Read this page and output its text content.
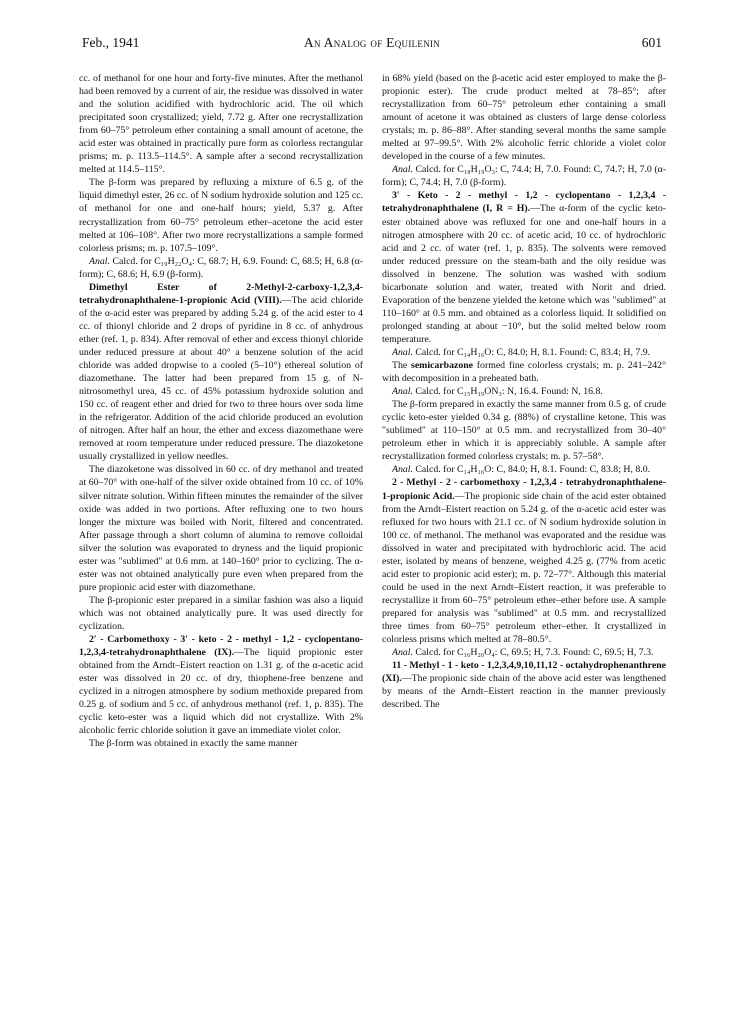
Feb., 1941	An Analog of Equilenin	601

cc. of methanol for one hour and forty-five minutes. After the methanol had been removed by a current of air, the residue was dissolved in water and the solution acidified with hydrochloric acid. The oil which precipitated soon crystallized; yield, 7.72 g. After one recrystallization from 60–75° petroleum ether containing a small amount of acetone, the acid ester was obtained in practically pure form as colorless rectangular prisms; m. p. 113.5–114.5°. A sample after a second recrystallization melted at 114.5–115°.

The β-form was prepared by refluxing a mixture of 6.5 g. of the liquid dimethyl ester, 26 cc. of N sodium hydroxide solution and 125 cc. of methanol for one and one-half hours; yield, 5.37 g. After recrystallization from 60–75° petroleum ether–acetone the acid ester melted at 106–108°. After two more recrystallizations a sample formed colorless prisms; m. p. 107.5–109°.

Anal. Calcd. for C₁₉H₂₂O₄: C, 68.7; H, 6.9. Found: C, 68.5; H, 6.8 (α-form); C, 68.6; H, 6.9 (β-form).

Dimethyl Ester of 2-Methyl-2-carboxy-1,2,3,4-tetrahydronaphthalene-1-propionic Acid (VIII).—The acid chloride of the α-acid ester was prepared by adding 5.24 g. of the acid ester to 4 cc. of thionyl chloride and 2 drops of pyridine in 8 cc. of anhydrous ether (ref. 1, p. 834). After removal of ether and excess thionyl chloride under reduced pressure at about 40° a benzene solution of the acid chloride was added dropwise to a cooled (5–10°) ethereal solution of diazomethane. The latter had been prepared from 15 g. of N-nitrosomethyl urea, 45 cc. of 45% potassium hydroxide solution and 150 cc. of reagent ether and dried for two to three hours over soda lime in the refrigerator. Addition of the acid chloride produced an evolution of nitrogen. After half an hour, the ether and excess diazomethane were removed at room temperature under reduced pressure. The diazoketone usually crystallized in yellow needles.

The diazoketone was dissolved in 60 cc. of dry methanol and treated at 60–70° with one-half of the silver oxide obtained from 10 cc. of 10% silver nitrate solution. Within fifteen minutes the remainder of the silver oxide was added in two portions. After refluxing one to two hours longer the mixture was boiled with Norit, filtered and concentrated. After passage through a short column of alumina to remove colloidal silver the solution was evaporated to dryness and the liquid propionic ester was "sublimed" at 0.6 mm. at 140–160° prior to cyclizing. The α-ester was not obtained analytically pure even when prepared from the pure propionic acid ester with diazomethane.

The β-propionic ester prepared in a similar fashion was also a liquid which was not obtained analytically pure. It was used directly for cyclization.

2′ - Carbomethoxy - 3′ - keto - 2 - methyl - 1,2 - cyclopentano-1,2,3,4-tetrahydronaphthalene (IX).—The liquid propionic ester obtained from the Arndt–Eistert reaction on 1.31 g. of the α-acetic acid ester was dissolved in 20 cc. of dry, thiophene-free benzene and cyclized in a nitrogen atmosphere by sodium methoxide prepared from 0.25 g. of sodium and 5 cc. of anhydrous methanol (ref. 1, p. 835). The cyclic keto-ester was a liquid which did not crystallize. With 2% alcoholic ferric chloride solution it gave an immediate violet color.

The β-form was obtained in exactly the same manner

in 68% yield (based on the β-acetic acid ester employed to make the β-propionic ester). The crude product melted at 78–85°; after recrystallization from 60–75° petroleum ether containing a small amount of acetone it was obtained as clusters of large dense colorless crystals; m. p. 86–88°. After standing several months the same sample melted at 97–99.5°. With 2% alcoholic ferric chloride a violet color developed in the course of a few minutes.

Anal. Calcd. for C₁₈H₁₉O₃: C, 74.4; H, 7.0. Found: C, 74.7; H, 7.0 (α-form); C, 74.4; H, 7.0 (β-form).

3′ - Keto - 2 - methyl - 1,2 - cyclopentano - 1,2,3,4 - tetrahydronaphthalene (I, R = H).—The α-form of the cyclic keto-ester obtained above was refluxed for one and one-half hours in a nitrogen atmosphere with 20 cc. of acetic acid, 10 cc. of hydrochloric acid and 2 cc. of water (ref. 1, p. 835). The solvents were removed under reduced pressure on the steam-bath and the oily residue was dissolved in benzene. The solution was washed with sodium bicarbonate solution and water, treated with Norit and dried. Evaporation of the benzene yielded the ketone which was "sublimed" at 110–160° at 0.5 mm. and obtained as a colorless liquid. It solidified on prolonged standing at about −10°, but the solid melted below room temperature.

Anal. Calcd. for C₁₄H₁₆O: C, 84.0; H, 8.1. Found: C, 83.4; H, 7.9.

The semicarbazone formed fine colorless crystals; m. p. 241–242° with decomposition in a preheated bath.

Anal. Calcd. for C₁₅H₁₉ON₃: N, 16.4. Found: N, 16.8.

The β-form prepared in exactly the same manner from 0.5 g. of crude cyclic keto-ester yielded 0.34 g. (88%) of crystalline ketone. This was "sublimed" at 110–150° at 0.5 mm. and recrystallized from 30–40° petroleum ether in which it is appreciably soluble. A sample after recrystallization formed colorless crystals; m. p. 57–58°.

Anal. Calcd. for C₁₄H₁₆O: C, 84.0; H, 8.1. Found: C, 83.8; H, 8.0.

2 - Methyl - 2 - carbomethoxy - 1,2,3,4 - tetrahydronaphthalene-1-propionic Acid.—The propionic side chain of the acid ester obtained from the Arndt–Eistert reaction on 5.24 g. of the α-acetic acid ester was refluxed for two hours with 21.1 cc. of N sodium hydroxide solution in 100 cc. of methanol. The methanol was evaporated and the residue was dissolved in water and precipitated with hydrochloric acid. The acid ester, isolated by means of benzene, weighed 4.25 g. (77% from acetic acid ester to propionic acid ester); m. p. 72–77°. Although this material could be used in the next Arndt–Eistert reaction, it was preferable to recrystallize it from 60–75° petroleum ether–ether before use. A sample prepared for analysis was "sublimed" at 0.5 mm. and recrystallized three times from 60–75° petroleum ether–ether. It crystallized in colorless prisms which melted at 78–80.5°.

Anal. Calcd. for C₁₆H₂₀O₄: C, 69.5; H, 7.3. Found: C, 69.5; H, 7.3.

11 - Methyl - 1 - keto - 1,2,3,4,9,10,11,12 - octahydrophenanthrene (XI).—The propionic side chain of the above acid ester was lengthened by means of the Arndt–Eistert reaction in the manner previously described. The
